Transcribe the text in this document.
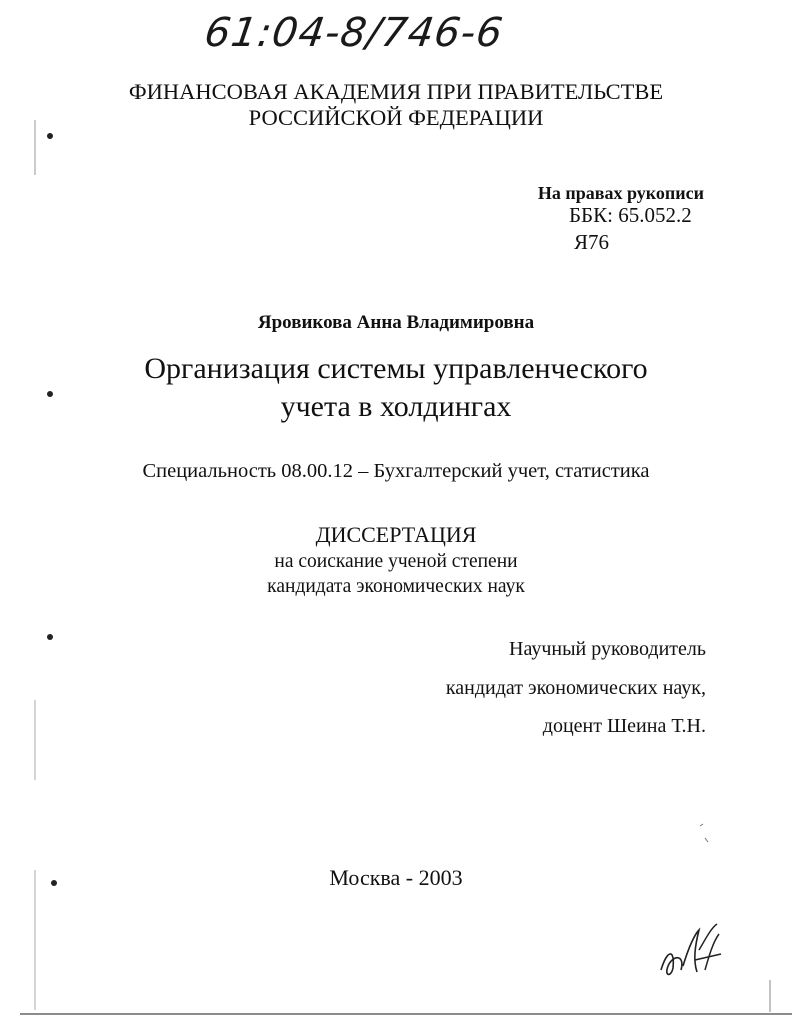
61:04-8/746-6
ФИНАНСОВАЯ АКАДЕМИЯ ПРИ ПРАВИТЕЛЬСТВЕ
РОССИЙСКОЙ ФЕДЕРАЦИИ
На правах рукописи
ББК: 65.052.2
Я76
Яровикова Анна Владимировна
Организация системы управленческого
учета в холдингах
Специальность 08.00.12 – Бухгалтерский учет, статистика
ДИССЕРТАЦИЯ
на соискание ученой степени
кандидата экономических наук
Научный руководитель
кандидат экономических наук,
доцент Шеина Т.Н.
Москва - 2003
